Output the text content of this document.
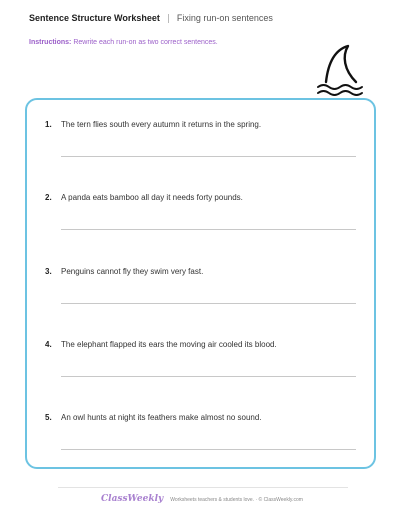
Sentence Structure Worksheet Fixing run-on sentences
Instructions: Rewrite each run-on as two correct sentences.
1.	The tern flies south every autumn it returns in the spring.
2.	A panda eats bamboo all day it needs forty pounds.
3.	Penguins cannot fly they swim very fast.
4.	The elephant flapped its ears the moving air cooled its blood.
5.	An owl hunts at night its feathers make almost no sound.
ClassWeekly Worksheets teachers & students love. · © ClassWeekly.com
